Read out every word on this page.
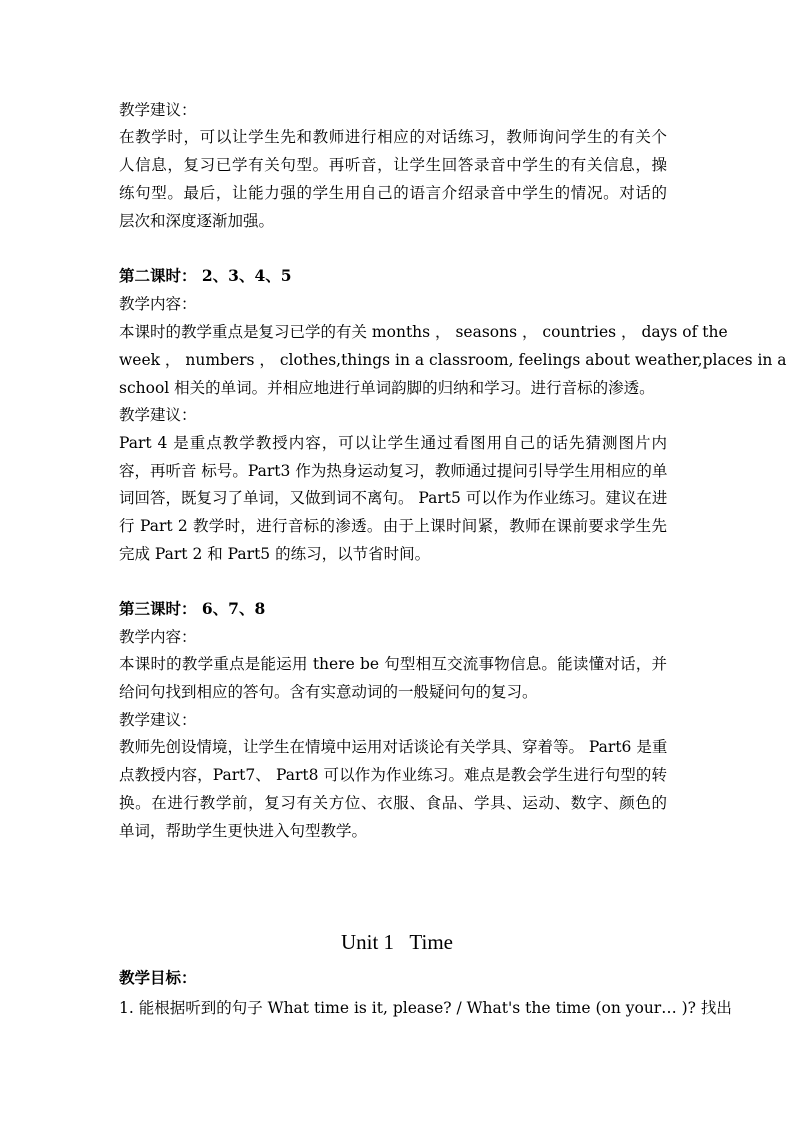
教学建议：
在教学时，可以让学生先和教师进行相应的对话练习，教师询问学生的有关个
人信息，复习已学有关句型。再听音，让学生回答录音中学生的有关信息，操
练句型。最后，让能力强的学生用自己的语言介绍录音中学生的情况。对话的
层次和深度逐渐加强。
第二课时： 2、3、4、5
教学内容：
本课时的教学重点是复习已学的有关 months ， seasons ， countries ， days of the
week ， numbers ， clothes,things in a classroom, feelings about weather,places in a
school 相关的单词。并相应地进行单词韵脚的归纳和学习。进行音标的渗透。
教学建议：
Part 4 是重点教学教授内容，可以让学生通过看图用自己的话先猜测图片内
容，再听音 标号。Part3 作为热身运动复习，教师通过提问引导学生用相应的单
词回答，既复习了单词，又做到词不离句。 Part5 可以作为作业练习。建议在进
行 Part 2 教学时，进行音标的渗透。由于上课时间紧，教师在课前要求学生先
完成 Part 2 和 Part5 的练习，以节省时间。
第三课时： 6、7、8
教学内容：
本课时的教学重点是能运用 there be 句型相互交流事物信息。能读懂对话，并
给问句找到相应的答句。含有实意动词的一般疑问句的复习。
教学建议：
教师先创设情境，让学生在情境中运用对话谈论有关学具、穿着等。 Part6 是重
点教授内容，Part7、 Part8 可以作为作业练习。难点是教会学生进行句型的转
换。在进行教学前，复习有关方位、衣服、食品、学具、运动、数字、颜色的
单词，帮助学生更快进入句型教学。
Unit 1   Time
教学目标：
1. 能根据听到的句子 What time is it, please? / What's the time (on your… )? 找出
